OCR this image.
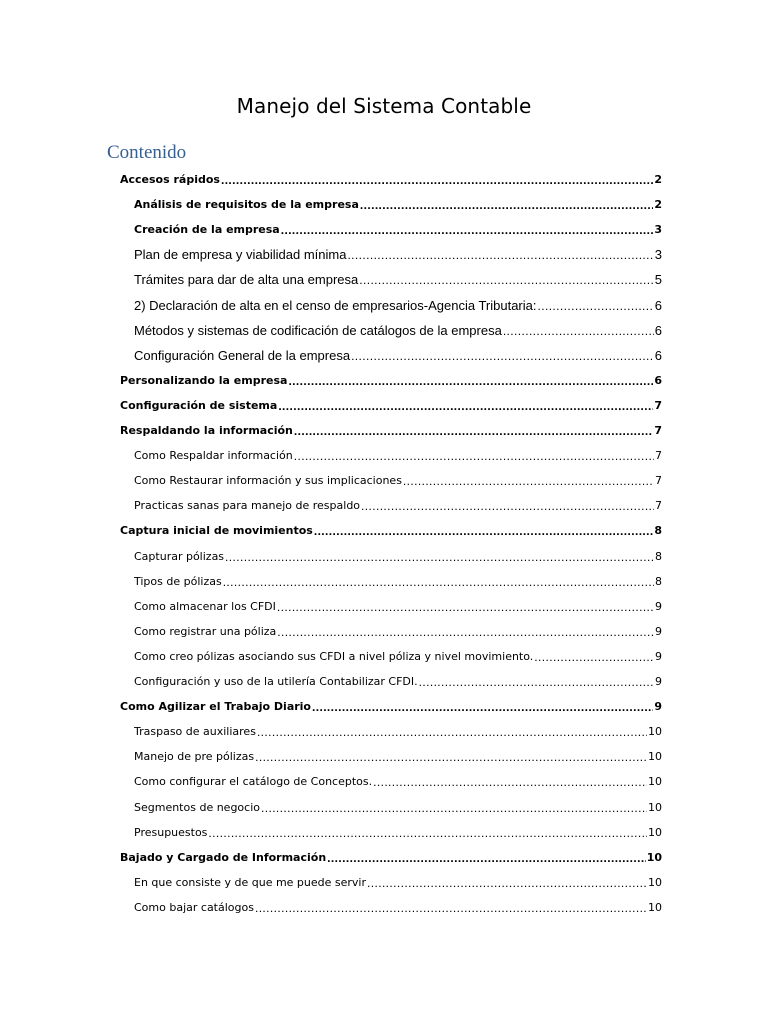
Manejo del Sistema Contable
Contenido
Accesos rápidos .....	2
Análisis de requisitos de la empresa .....	2
Creación de la empresa .....	3
Plan de empresa y viabilidad mínima .....	3
Trámites para dar de alta una empresa .....	5
2) Declaración de alta en el censo de empresarios-Agencia Tributaria: .....	6
Métodos y sistemas de codificación de catálogos de la empresa .....	6
Configuración General de la empresa .....	6
Personalizando la empresa .....	6
Configuración de sistema .....	7
Respaldando la información .....	7
Como Respaldar información .....	7
Como Restaurar información y sus implicaciones .....	7
Practicas sanas para manejo de respaldo .....	7
Captura inicial de movimientos .....	8
Capturar pólizas .....	8
Tipos de pólizas .....	8
Como almacenar los CFDI .....	9
Como registrar una póliza .....	9
Como creo pólizas asociando sus CFDI a nivel póliza y nivel movimiento. .....	9
Configuración y uso de la utilería Contabilizar CFDI. .....	9
Como Agilizar el Trabajo Diario .....	9
Traspaso de auxiliares .....	10
Manejo de pre pólizas .....	10
Como configurar el catálogo de Conceptos. .....	10
Segmentos de negocio .....	10
Presupuestos .....	10
Bajado y Cargado de Información .....	10
En que consiste y de que me puede servir .....	10
Como bajar catálogos .....	10
